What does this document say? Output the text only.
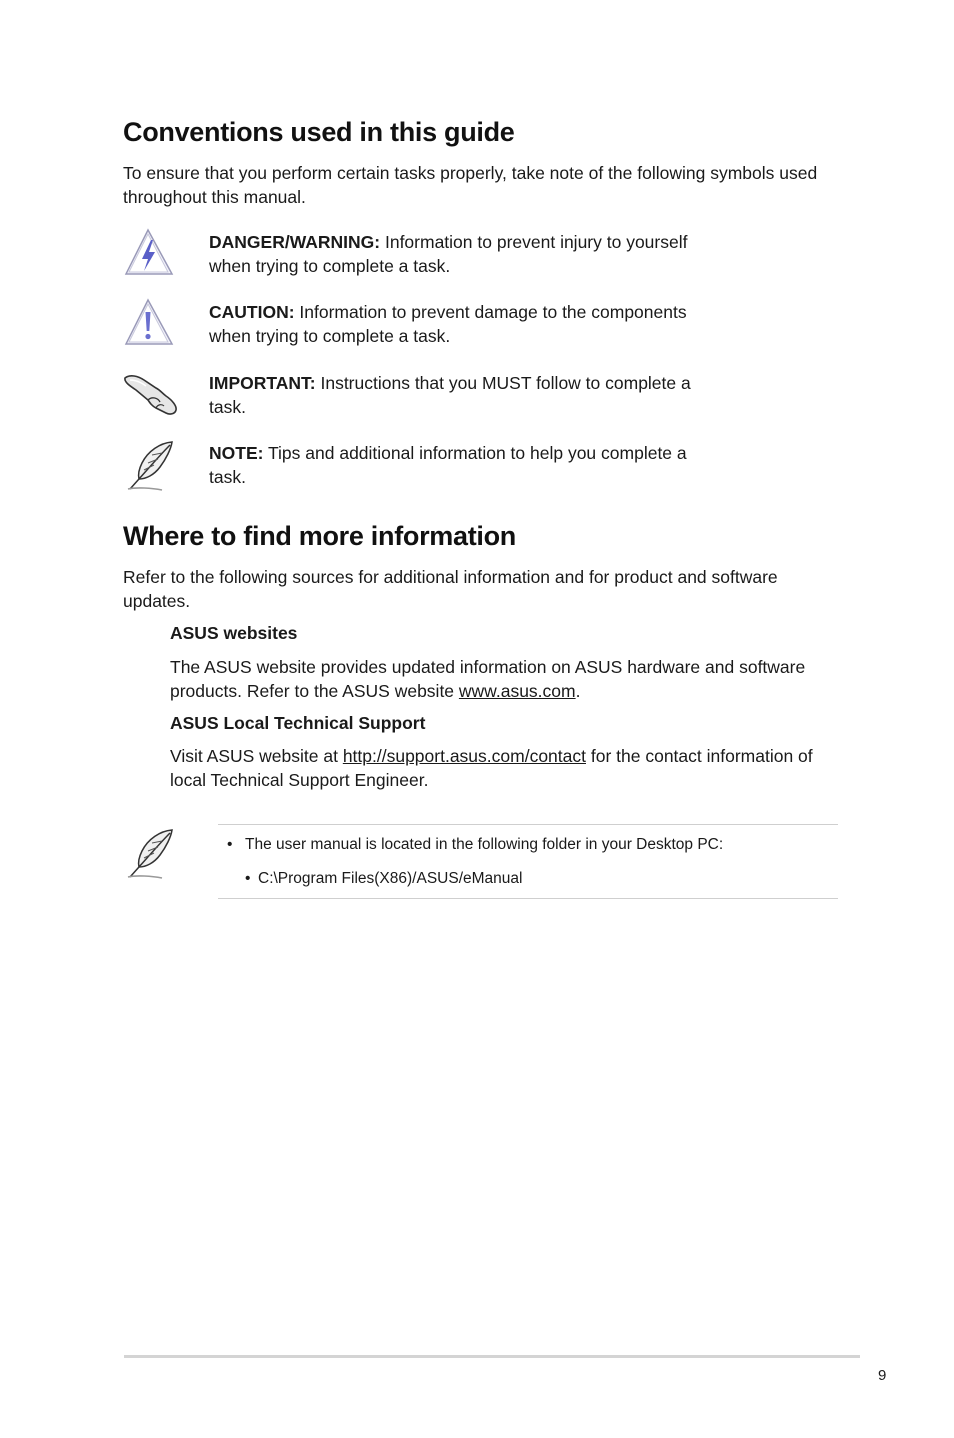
Conventions used in this guide

To ensure that you perform certain tasks properly, take note of the following symbols used throughout this manual.

DANGER/WARNING: Information to prevent injury to yourself when trying to complete a task.

CAUTION: Information to prevent damage to the components when trying to complete a task.

IMPORTANT: Instructions that you MUST follow to complete a task.

NOTE: Tips and additional information to help you complete a task.

Where to find more information

Refer to the following sources for additional information and for product and software updates.

ASUS websites

The ASUS website provides updated information on ASUS hardware and software products. Refer to the ASUS website www.asus.com.

ASUS Local Technical Support

Visit ASUS website at http://support.asus.com/contact for the contact information of local Technical Support Engineer.

• The user manual is located in the following folder in your Desktop PC:
• C:\Program Files(X86)/ASUS/eManual
9
